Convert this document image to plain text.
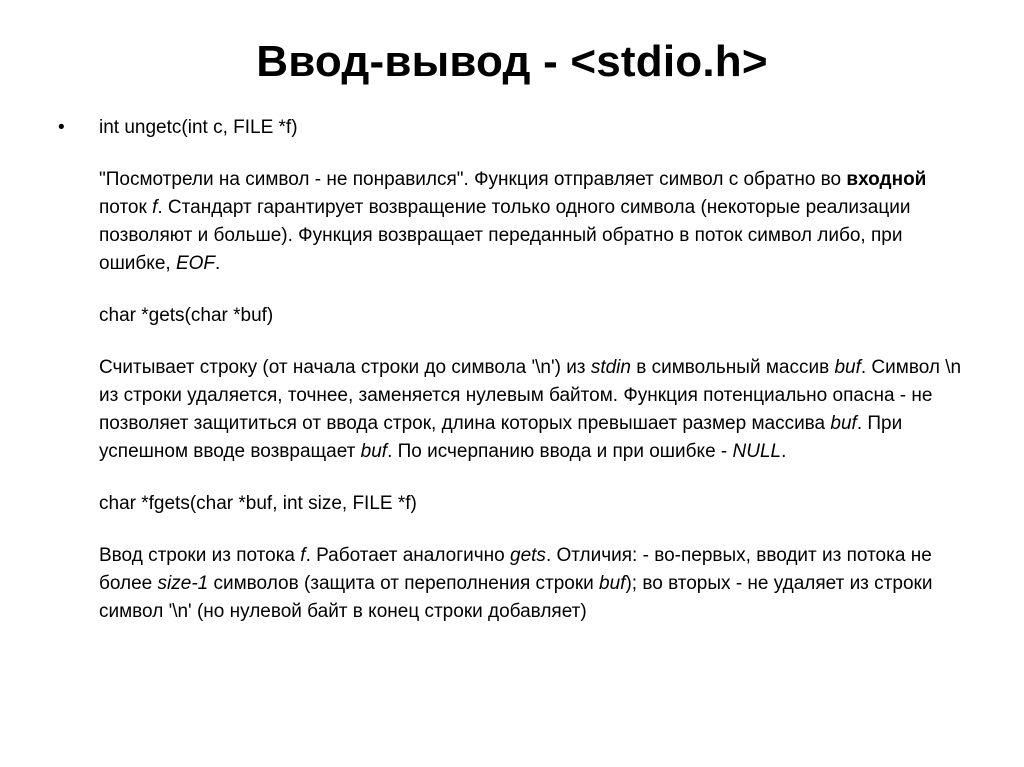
Ввод-вывод - <stdio.h>
• int ungetc(int c, FILE *f)

"Посмотрели на символ - не понравился". Функция отправляет символ с обратно во входной поток f. Стандарт гарантирует возвращение только одного символа (некоторые реализации позволяют и больше). Функция возвращает переданный обратно в поток символ либо, при ошибке, EOF.

char *gets(char *buf)

Считывает строку (от начала строки до символа '\n') из stdin в символьный массив buf. Символ \n из строки удаляется, точнее, заменяется нулевым байтом. Функция потенциально опасна - не позволяет защититься от ввода строк, длина которых превышает размер массива buf. При успешном вводе возвращает buf. По исчерпанию ввода и при ошибке - NULL.

char *fgets(char *buf, int size, FILE *f)

Ввод строки из потока f. Работает аналогично gets. Отличия: - во-первых, вводит из потока не более size-1 символов (защита от переполнения строки buf); во вторых - не удаляет из строки символ '\n' (но нулевой байт в конец строки добавляет)
